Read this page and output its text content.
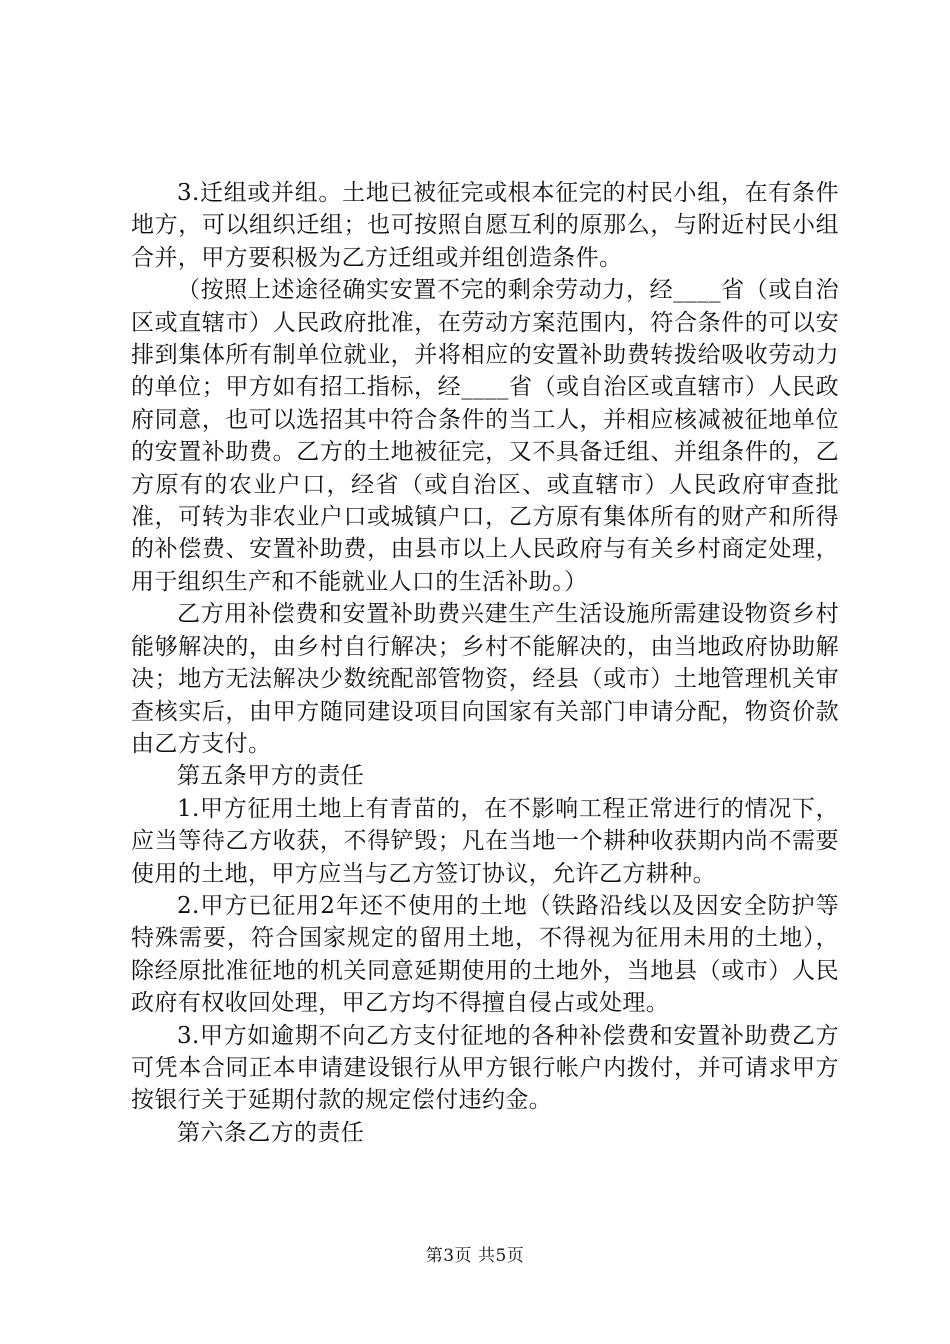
3.迁组或并组。土地已被征完或根本征完的村民小组，在有条件地方，可以组织迁组；也可按照自愿互利的原那么，与附近村民小组合并，甲方要积极为乙方迁组或并组创造条件。

（按照上述途径确实安置不完的剩余劳动力，经____省（或自治区或直辖市）人民政府批准，在劳动方案范围内，符合条件的可以安排到集体所有制单位就业，并将相应的安置补助费转拨给吸收劳动力的单位；甲方如有招工指标，经____省（或自治区或直辖市）人民政府同意，也可以选招其中符合条件的当工人，并相应核减被征地单位的安置补助费。乙方的土地被征完，又不具备迁组、并组条件的，乙方原有的农业户口，经省（或自治区、或直辖市）人民政府审查批准，可转为非农业户口或城镇户口，乙方原有集体所有的财产和所得的补偿费、安置补助费，由县市以上人民政府与有关乡村商定处理，用于组织生产和不能就业人口的生活补助。）

乙方用补偿费和安置补助费兴建生产生活设施所需建设物资乡村能够解决的，由乡村自行解决；乡村不能解决的，由当地政府协助解决；地方无法解决少数统配部管物资，经县（或市）土地管理机关审查核实后，由甲方随同建设项目向国家有关部门申请分配，物资价款由乙方支付。

第五条甲方的责任

1.甲方征用土地上有青苗的，在不影响工程正常进行的情况下，应当等待乙方收获，不得铲毁；凡在当地一个耕种收获期内尚不需要使用的土地，甲方应当与乙方签订协议，允许乙方耕种。

2.甲方已征用2年还不使用的土地（铁路沿线以及因安全防护等特殊需要，符合国家规定的留用土地，不得视为征用未用的土地），除经原批准征地的机关同意延期使用的土地外，当地县（或市）人民政府有权收回处理，甲乙方均不得擅自侵占或处理。

3.甲方如逾期不向乙方支付征地的各种补偿费和安置补助费乙方可凭本合同正本申请建设银行从甲方银行帐户内拨付，并可请求甲方按银行关于延期付款的规定偿付违约金。

第六条乙方的责任

第3页 共5页
